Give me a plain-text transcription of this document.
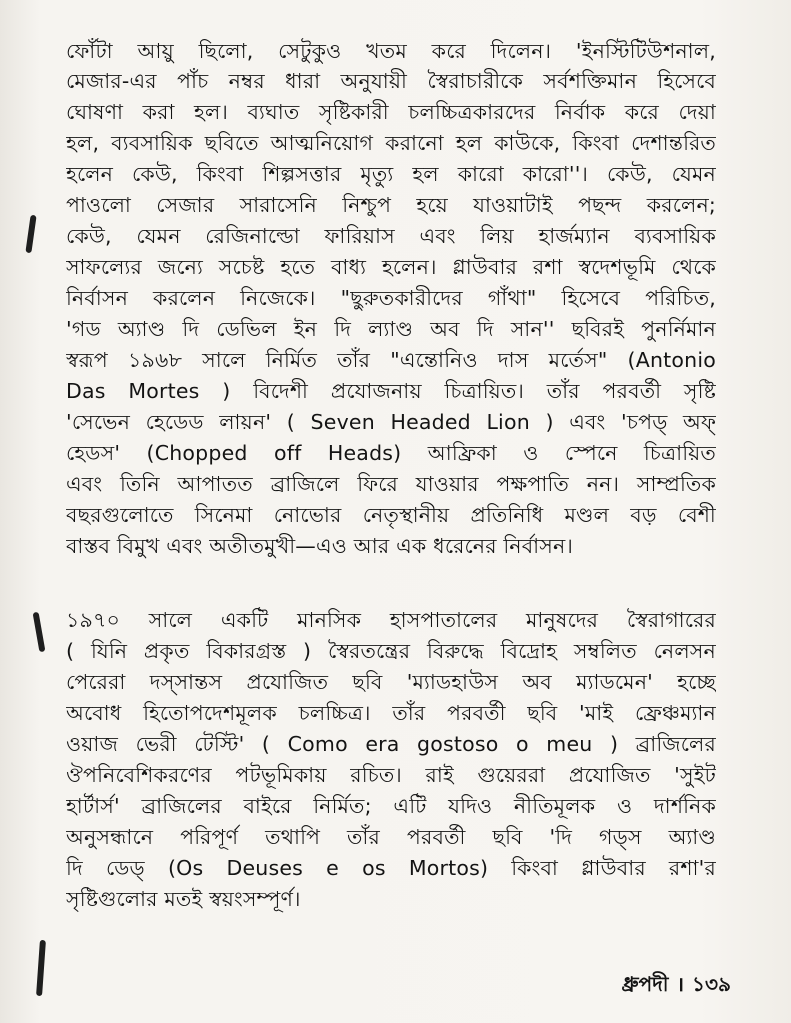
ফোঁটা আয়ু ছিলো, সেটুকুও খতম করে দিলেন। 'ইনস্টিটিউশনাল,
মেজার-এর পাঁচ নম্বর ধারা অনুযায়ী স্বৈরাচারীকে সর্বশক্তিমান হিসেবে
ঘোষণা করা হল। ব্যঘাত সৃষ্টিকারী চলচ্চিত্রকারদের নির্বাক করে দেয়া
হল, ব্যবসায়িক ছবিতে আত্মনিয়োগ করানো হল কাউকে, কিংবা দেশান্তরিত
হলেন কেউ, কিংবা শিল্পসত্তার মৃত্যু হল কারো কারো''। কেউ, যেমন
পাওলো সেজার সারাসেনি নিশ্চুপ হয়ে যাওয়াটাই পছন্দ করলেন;
কেউ, যেমন রেজিনাল্ডো ফারিয়াস এবং লিয় হার্জম্যান ব্যবসায়িক
সাফল্যের জন্যে সচেষ্ট হতে বাধ্য হলেন। গ্লাউবার রশা স্বদেশভূমি থেকে
নির্বাসন করলেন নিজেকে। "ছুরুতকারীদের গাঁথা" হিসেবে পরিচিত,
'গড অ্যাণ্ড দি ডেভিল ইন দি ল্যাণ্ড অব দি সান'' ছবিরই পুনর্নিমান
স্বরূপ ১৯৬৮ সালে নির্মিত তাঁর "এন্তোনিও দাস মর্তেস" (Antonio
Das Mortes ) বিদেশী প্রযোজনায় চিত্রায়িত। তাঁর পরবর্তী সৃষ্টি
'সেভেন হেডেড লায়ন' ( Seven Headed Lion ) এবং 'চপড্ অফ্
হেডস' (Chopped off Heads) আফ্রিকা ও স্পেনে চিত্রায়িত
এবং তিনি আপাতত ব্রাজিলে ফিরে যাওয়ার পক্ষপাতি নন। সাম্প্রতিক
বছরগুলোতে সিনেমা নোভোর নেতৃস্থানীয় প্রতিনিধি মণ্ডল বড় বেশী
বাস্তব বিমুখ এবং অতীতমুখী—এও আর এক ধরেনের নির্বাসন।
১৯৭০ সালে একটি মানসিক হাসপাতালের মানুষদের স্বৈরাগারের
( যিনি প্রকৃত বিকারগ্রস্ত ) স্বৈরতন্ত্রের বিরুদ্ধে বিদ্রোহ সম্বলিত নেলসন
পেরেরা দস্সান্তস প্রযোজিত ছবি 'ম্যাডহাউস অব ম্যাডমেন' হচ্ছে
অবোধ হিতোপদেশমূলক চলচ্চিত্র। তাঁর পরবর্তী ছবি 'মাই ফ্রেঞ্চম্যান
ওয়াজ ভেরী টেস্টি' ( Como era gostoso o meu ) ব্রাজিলের
ঔপনিবেশিকরণের পটভূমিকায় রচিত। রাই গুয়েররা প্রযোজিত 'সুইট
হার্টার্স' ব্রাজিলের বাইরে নির্মিত; এটি যদিও নীতিমূলক ও দার্শনিক
অনুসন্ধানে পরিপূর্ণ তথাপি তাঁর পরবর্তী ছবি 'দি গড্স অ্যাণ্ড
দি ডেড্ (Os Deuses e os Mortos) কিংবা গ্লাউবার রশা'র
সৃষ্টিগুলোর মতই স্বয়ংসম্পূর্ণ।
ধ্রুপদী । ১৩৯
